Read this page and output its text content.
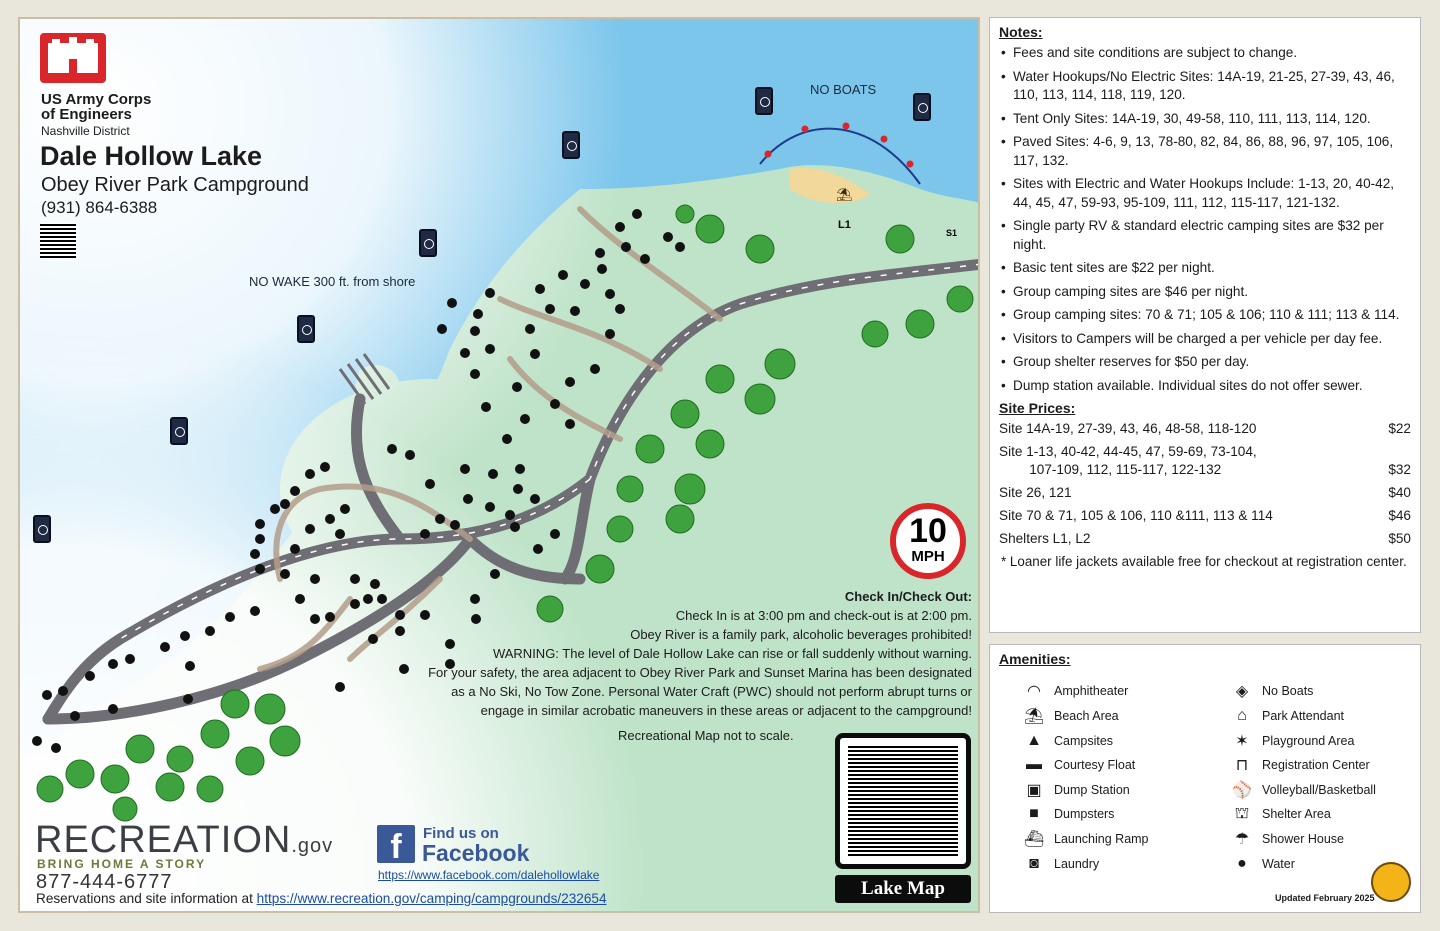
US Army Corps
of Engineers
Nashville District
Dale Hollow Lake
Obey River Park Campground
(931) 864-6388
NO WAKE 300 ft. from shore
NO BOATS
⛱
L1
S1
10
MPH
Check In/Check Out:
Check In is at 3:00 pm and check-out is at 2:00 pm.
Obey River is a family park, alcoholic beverages prohibited!
WARNING: The level of Dale Hollow Lake can rise or fall suddenly without warning.
For your safety, the area adjacent to Obey River Park and Sunset Marina has been designated
as a No Ski, No Tow Zone. Personal Water Craft (PWC) should not perform abrupt turns or
engage in similar acrobatic maneuvers in these areas or adjacent to the campground!
Recreational Map not to scale.
Lake Map
RECREATION.gov
BRING HOME A STORY
877-444-6777
Reservations and site information at https://www.recreation.gov/camping/campgrounds/232654
f	Find us on
Facebook
https://www.facebook.com/dalehollowlake
Notes:
• Fees and site conditions are subject to change.
• Water Hookups/No Electric Sites: 14A-19, 21-25, 27-39, 43, 46, 110, 113, 114, 118, 119, 120.
• Tent Only Sites: 14A-19, 30, 49-58, 110, 111, 113, 114, 120.
• Paved Sites: 4-6, 9, 13, 78-80, 82, 84, 86, 88, 96, 97, 105, 106, 117, 132.
• Sites with Electric and Water Hookups Include: 1-13, 20, 40-42, 44, 45, 47, 59-93, 95-109, 111, 112, 115-117, 121-132.
• Single party RV & standard electric camping sites are $32 per night.
• Basic tent sites are $22 per night.
• Group camping sites are $46 per night.
• Group camping sites: 70 & 71; 105 & 106; 110 & 111; 113 & 114.
• Visitors to Campers will be charged a per vehicle per day fee.
• Group shelter reserves for $50 per day.
• Dump station available. Individual sites do not offer sewer.
Site Prices:
Site 14A-19, 27-39, 43, 46, 48-58, 118-120	$22
Site 1-13, 40-42, 44-45, 47, 59-69, 73-104,
107-109, 112, 115-117, 122-132	$32
Site 26, 121	$40
Site 70 & 71, 105 & 106, 110 &111, 113 & 114	$46
Shelters L1, L2	$50
* Loaner life jackets available free for checkout at registration center.
Amenities:
◠	Amphitheater
⛱ Beach Area
▲ Campsites
▬ Courtesy Float
▣ Dump Station
■	Dumpsters
⛴ Launching Ramp
◙	Laundry
◈	No Boats
⌂	Park Attendant
✶	Playground Area
⊓	Registration Center
⚾ Volleyball/Basketball
⛫	Shelter Area
☂	Shower House
●	Water
Updated February 2025
